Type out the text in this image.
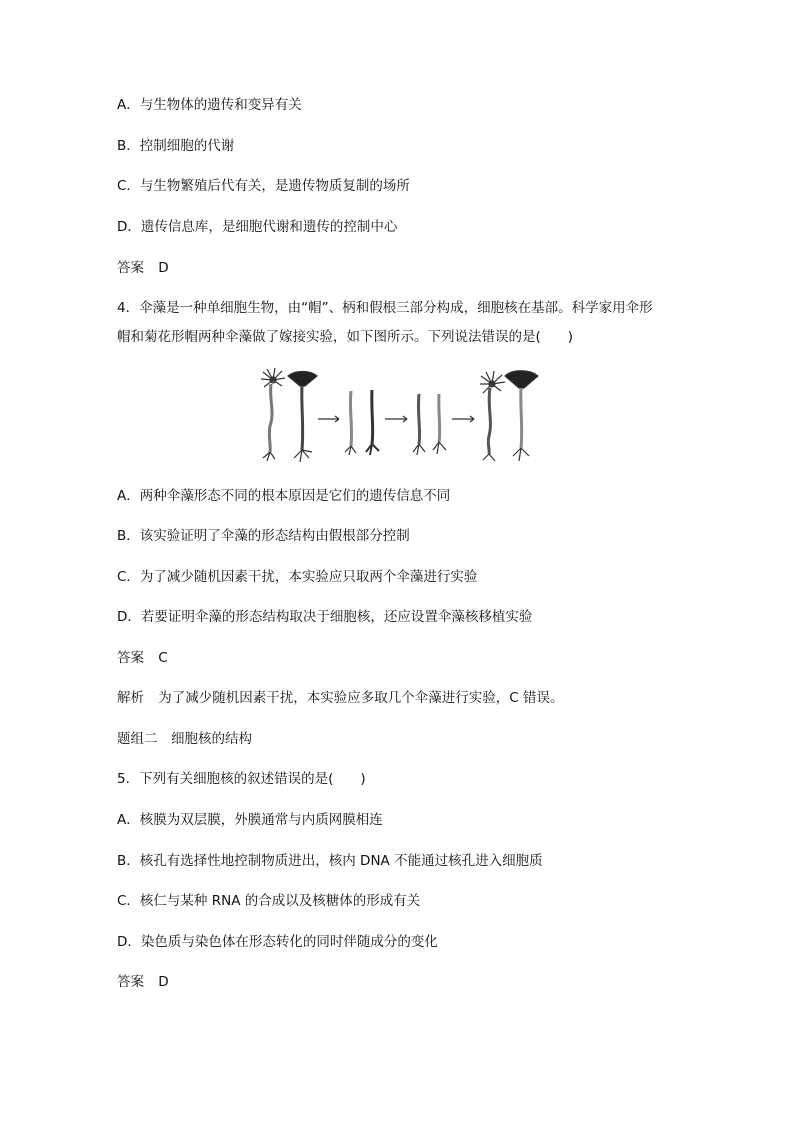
A．与生物体的遗传和变异有关
B．控制细胞的代谢
C．与生物繁殖后代有关，是遗传物质复制的场所
D．遗传信息库，是细胞代谢和遗传的控制中心
答案 D
4．伞藻是一种单细胞生物，由“帽”、柄和假根三部分构成，细胞核在基部。科学家用伞形
帽和菊花形帽两种伞藻做了嫁接实验，如下图所示。下列说法错误的是(　　)
A．两种伞藻形态不同的根本原因是它们的遗传信息不同
B．该实验证明了伞藻的形态结构由假根部分控制
C．为了减少随机因素干扰，本实验应只取两个伞藻进行实验
D．若要证明伞藻的形态结构取决于细胞核，还应设置伞藻核移植实验
答案 C
解析 为了减少随机因素干扰，本实验应多取几个伞藻进行实验，C 错误。
题组二　细胞核的结构
5．下列有关细胞核的叙述错误的是(　　)
A．核膜为双层膜，外膜通常与内质网膜相连
B．核孔有选择性地控制物质进出，核内 DNA 不能通过核孔进入细胞质
C．核仁与某种 RNA 的合成以及核糖体的形成有关
D．染色质与染色体在形态转化的同时伴随成分的变化
答案 D
